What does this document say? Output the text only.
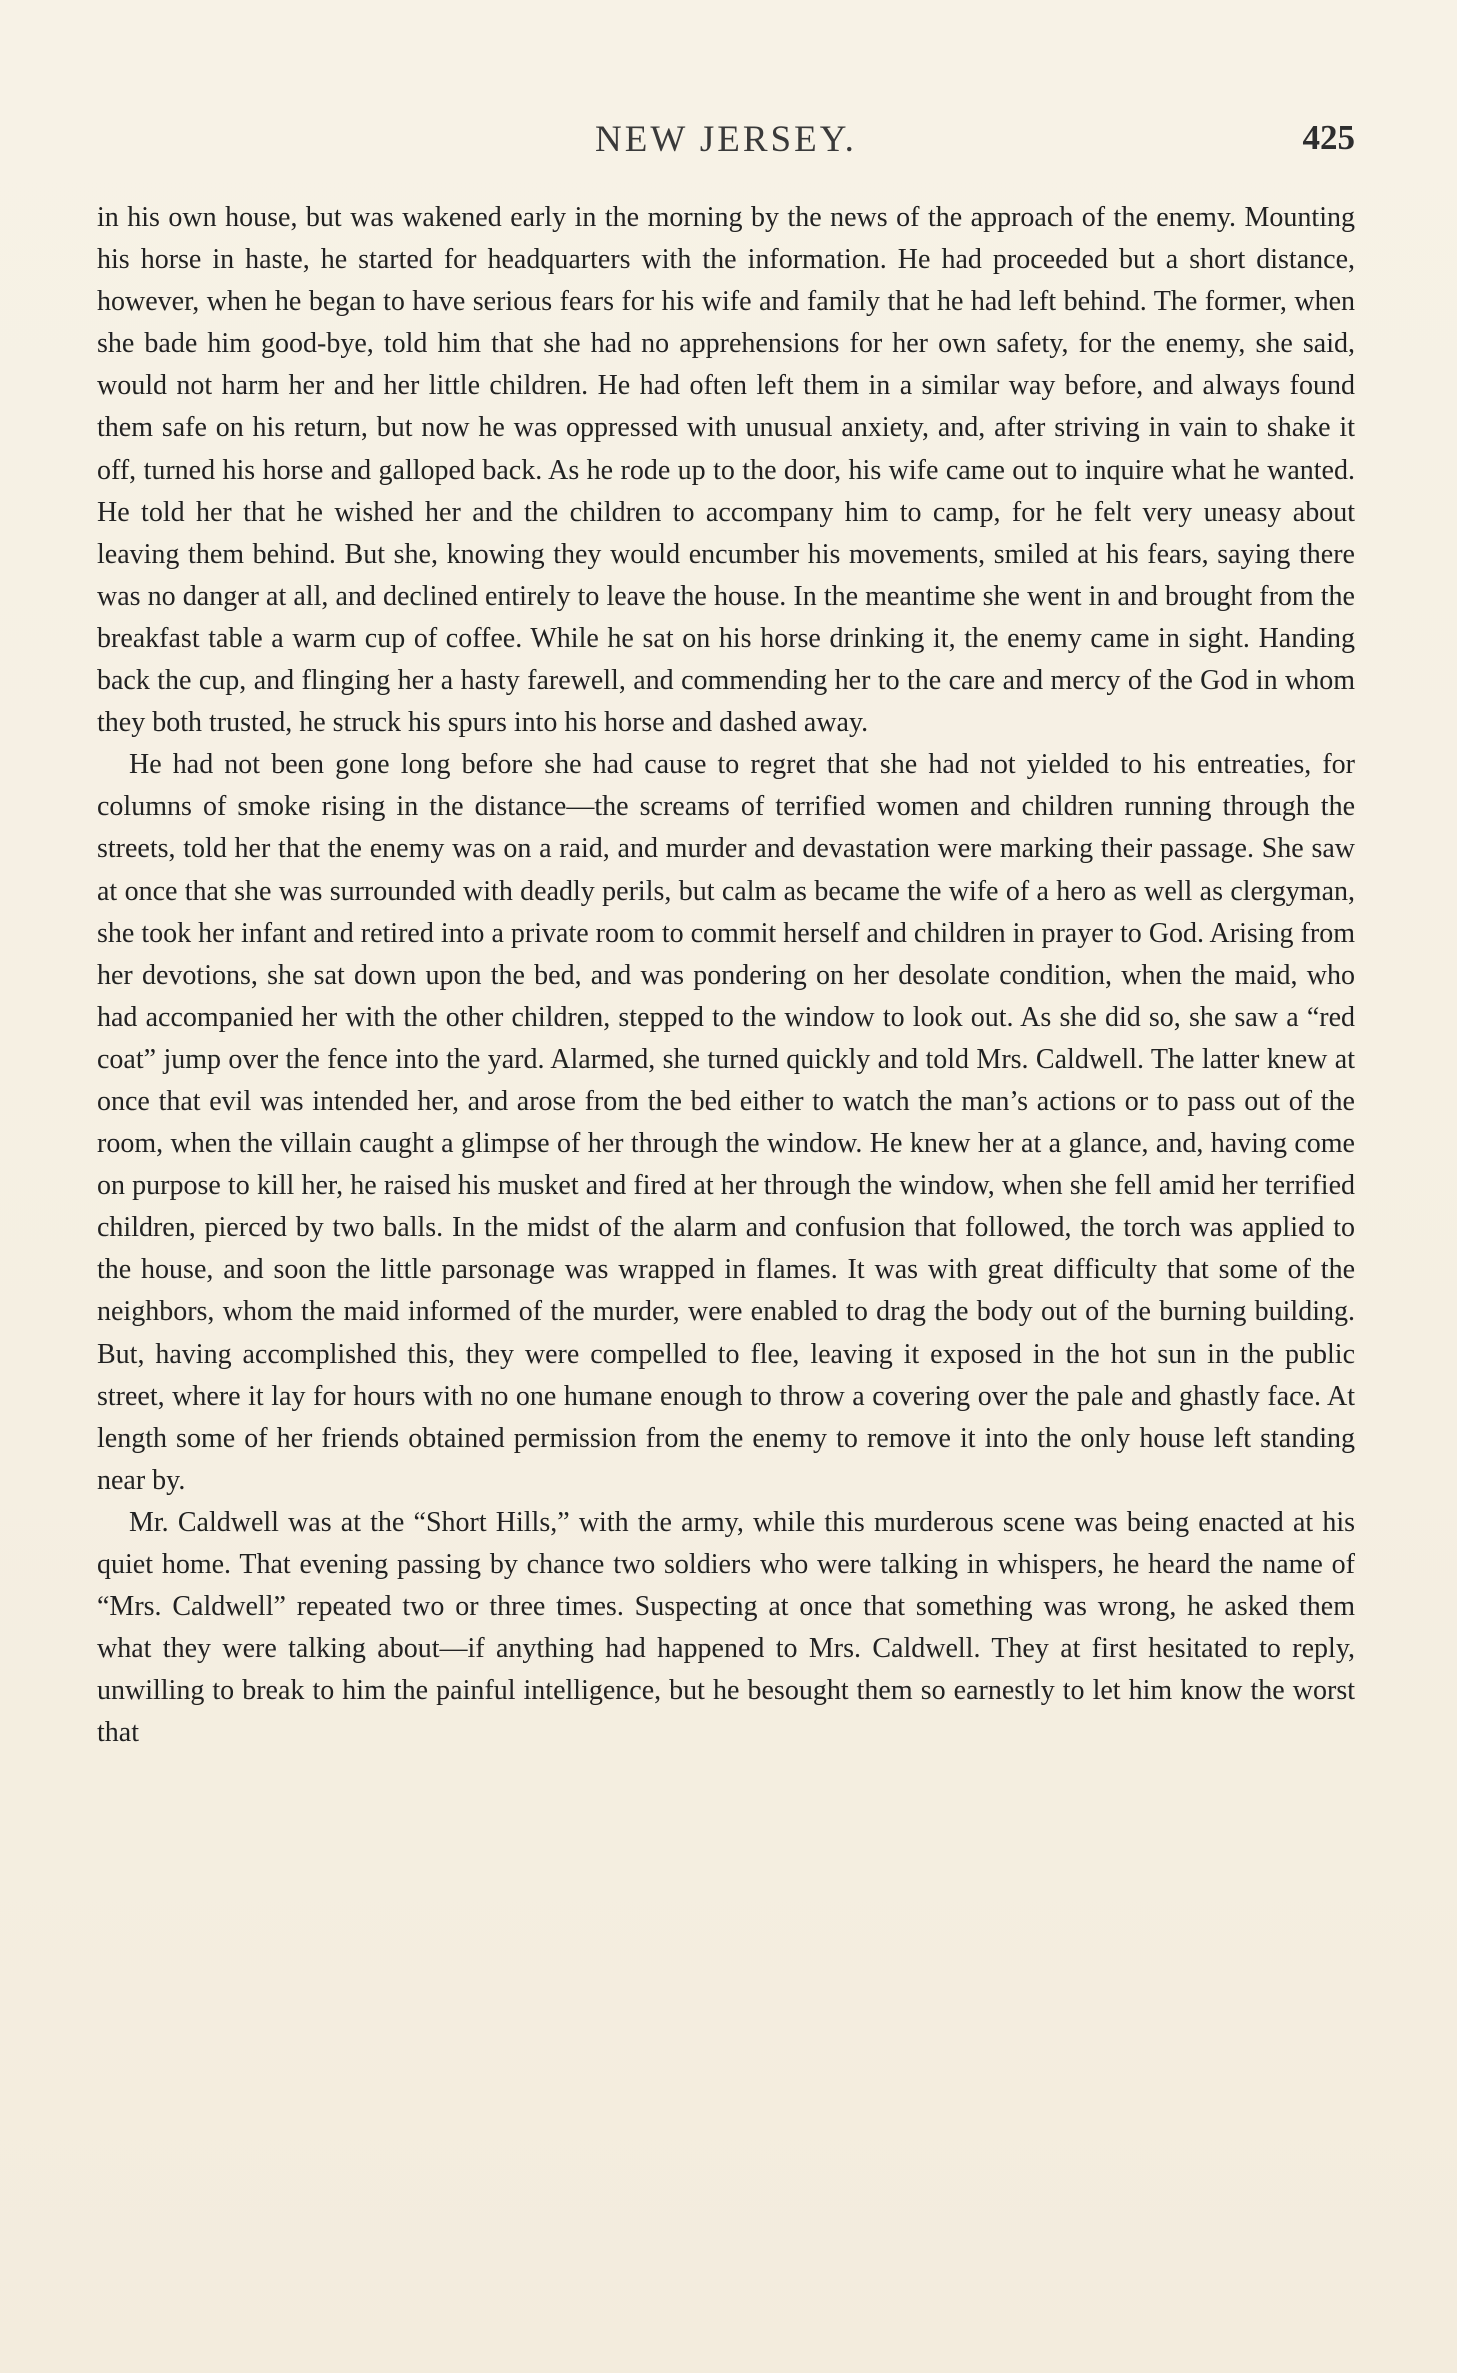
NEW JERSEY.	425

in his own house, but was wakened early in the morning by the news of the approach of the enemy. Mounting his horse in haste, he started for headquarters with the information. He had proceeded but a short distance, however, when he began to have serious fears for his wife and family that he had left behind. The former, when she bade him good-bye, told him that she had no apprehensions for her own safety, for the enemy, she said, would not harm her and her little children. He had often left them in a similar way before, and always found them safe on his return, but now he was oppressed with unusual anxiety, and, after striving in vain to shake it off, turned his horse and galloped back. As he rode up to the door, his wife came out to inquire what he wanted. He told her that he wished her and the children to accompany him to camp, for he felt very uneasy about leaving them behind. But she, knowing they would encumber his movements, smiled at his fears, saying there was no danger at all, and declined entirely to leave the house. In the meantime she went in and brought from the breakfast table a warm cup of coffee. While he sat on his horse drinking it, the enemy came in sight. Handing back the cup, and flinging her a hasty farewell, and commending her to the care and mercy of the God in whom they both trusted, he struck his spurs into his horse and dashed away.

He had not been gone long before she had cause to regret that she had not yielded to his entreaties, for columns of smoke rising in the distance—the screams of terrified women and children running through the streets, told her that the enemy was on a raid, and murder and devastation were marking their passage. She saw at once that she was surrounded with deadly perils, but calm as became the wife of a hero as well as clergyman, she took her infant and retired into a private room to commit herself and children in prayer to God. Arising from her devotions, she sat down upon the bed, and was pondering on her desolate condition, when the maid, who had accompanied her with the other children, stepped to the window to look out. As she did so, she saw a “red coat” jump over the fence into the yard. Alarmed, she turned quickly and told Mrs. Caldwell. The latter knew at once that evil was intended her, and arose from the bed either to watch the man’s actions or to pass out of the room, when the villain caught a glimpse of her through the window. He knew her at a glance, and, having come on purpose to kill her, he raised his musket and fired at her through the window, when she fell amid her terrified children, pierced by two balls. In the midst of the alarm and confusion that followed, the torch was applied to the house, and soon the little parsonage was wrapped in flames. It was with great difficulty that some of the neighbors, whom the maid informed of the murder, were enabled to drag the body out of the burning building. But, having accomplished this, they were compelled to flee, leaving it exposed in the hot sun in the public street, where it lay for hours with no one humane enough to throw a covering over the pale and ghastly face. At length some of her friends obtained permission from the enemy to remove it into the only house left standing near by.

Mr. Caldwell was at the “Short Hills,” with the army, while this murderous scene was being enacted at his quiet home. That evening passing by chance two soldiers who were talking in whispers, he heard the name of “Mrs. Caldwell” repeated two or three times. Suspecting at once that something was wrong, he asked them what they were talking about—if anything had happened to Mrs. Caldwell. They at first hesitated to reply, unwilling to break to him the painful intelligence, but he besought them so earnestly to let him know the worst that
